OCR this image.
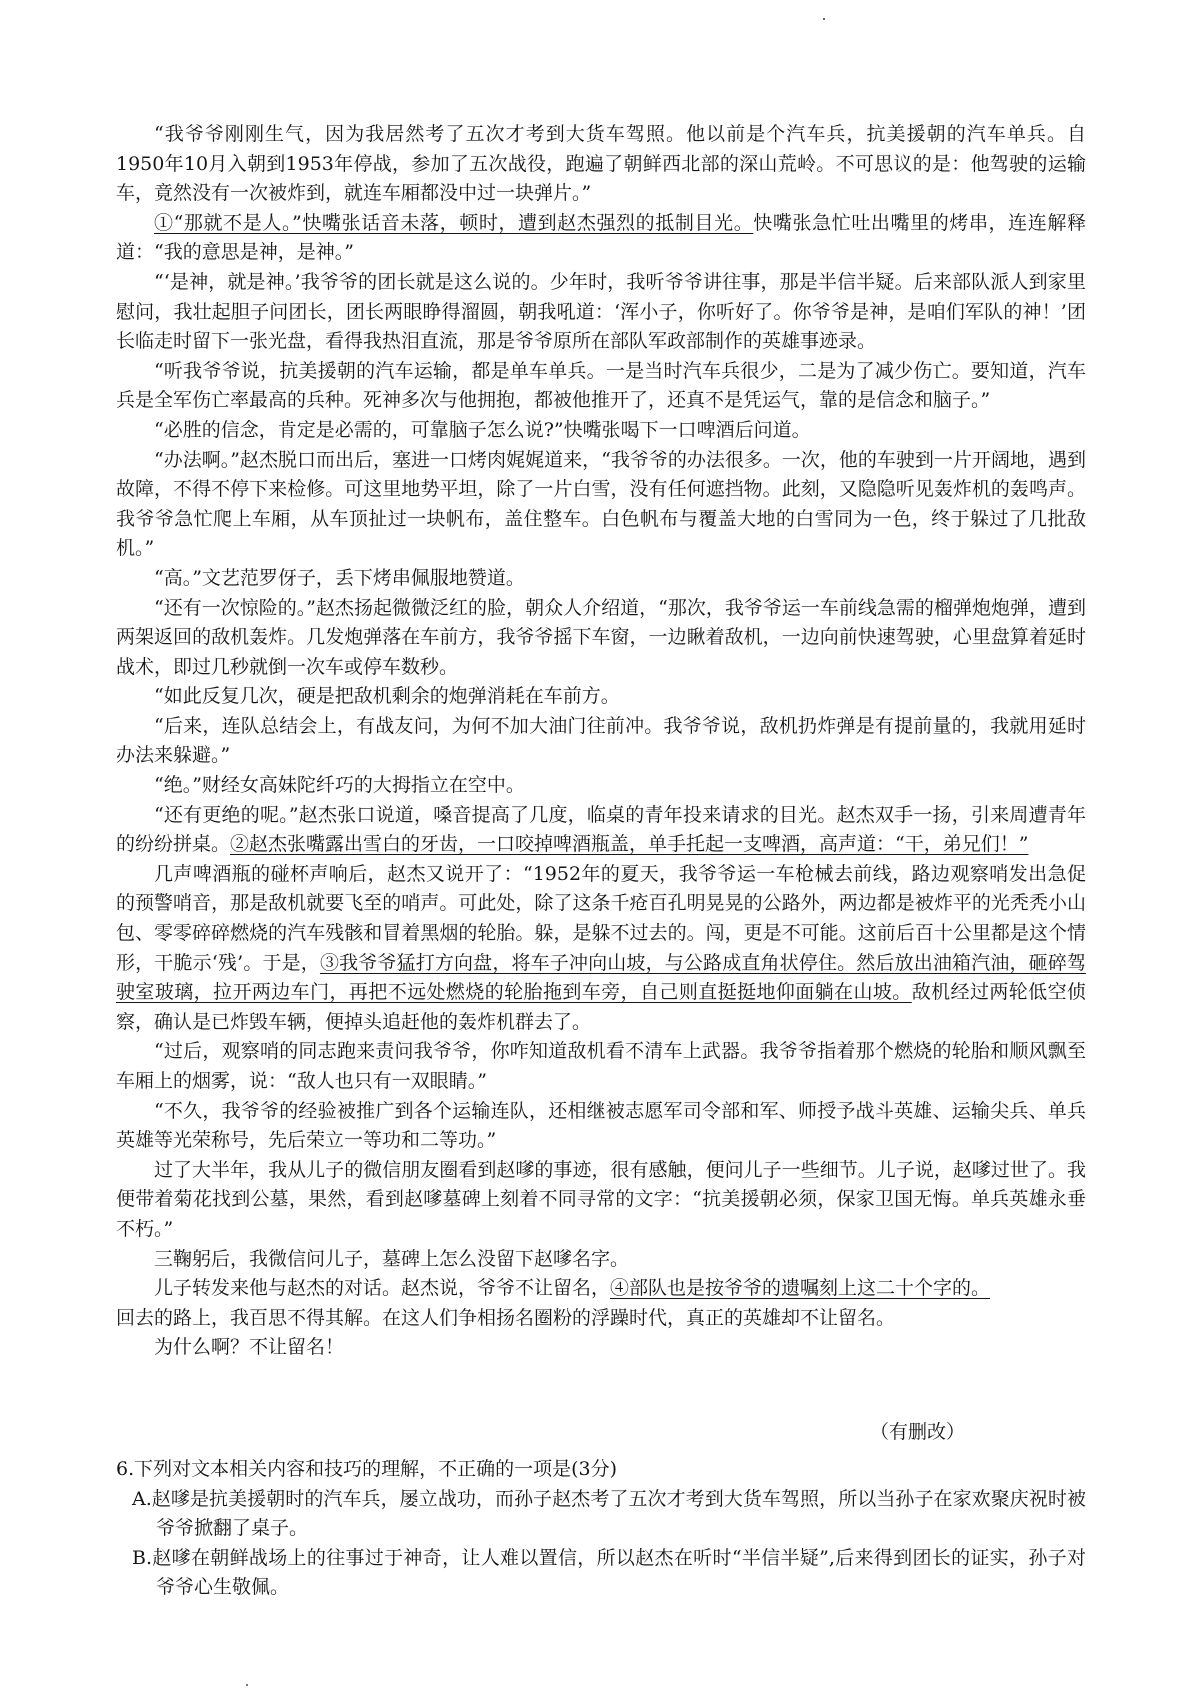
“我爷爷刚刚生气，因为我居然考了五次才考到大货车驾照。他以前是个汽车兵，抗美援朝的汽车单兵。自1950年10月入朝到1953年停战，参加了五次战役，跑遍了朝鲜西北部的深山荒岭。不可思议的是：他驾驶的运输车，竟然没有一次被炸到，就连车厢都没中过一块弹片。”

①“那就不是人。”快嘴张话音未落，顿时，遭到赵杰强烈的抵制目光。快嘴张急忙吐出嘴里的烤串，连连解释道：“我的意思是神，是神。”

“‘是神，就是神。’我爷爷的团长就是这么说的。少年时，我听爷爷讲往事，那是半信半疑。后来部队派人到家里慰问，我壮起胆子问团长，团长两眼睁得溜圆，朝我吼道：‘浑小子，你听好了。你爷爷是神，是咱们军队的神！’团长临走时留下一张光盘，看得我热泪直流，那是爷爷原所在部队军政部制作的英雄事迹录。

“听我爷爷说，抗美援朝的汽车运输，都是单车单兵。一是当时汽车兵很少，二是为了减少伤亡。要知道，汽车兵是全军伤亡率最高的兵种。死神多次与他拥抱，都被他推开了，还真不是凭运气，靠的是信念和脑子。”

“必胜的信念，肯定是必需的，可靠脑子怎么说?”快嘴张喝下一口啤酒后问道。

“办法啊。”赵杰脱口而出后，塞进一口烤肉娓娓道来，“我爷爷的办法很多。一次，他的车驶到一片开阔地，遇到故障，不得不停下来检修。可这里地势平坦，除了一片白雪，没有任何遮挡物。此刻，又隐隐听见轰炸机的轰鸣声。我爷爷急忙爬上车厢，从车顶扯过一块帆布，盖住整车。白色帆布与覆盖大地的白雪同为一色，终于躲过了几批敌机。”

“高。”文艺范罗伢子，丢下烤串佩服地赞道。

“还有一次惊险的。”赵杰扬起微微泛红的脸，朝众人介绍道，“那次，我爷爷运一车前线急需的榴弹炮炮弹，遭到两架返回的敌机轰炸。几发炮弹落在车前方，我爷爷摇下车窗，一边瞅着敌机，一边向前快速驾驶，心里盘算着延时战术，即过几秒就倒一次车或停车数秒。

“如此反复几次，硬是把敌机剩余的炮弹消耗在车前方。

“后来，连队总结会上，有战友问，为何不加大油门往前冲。我爷爷说，敌机扔炸弹是有提前量的，我就用延时办法来躲避。”

“绝。”财经女高妹陀纤巧的大拇指立在空中。

“还有更绝的呢。”赵杰张口说道，嗓音提高了几度，临桌的青年投来请求的目光。赵杰双手一扬，引来周遭青年的纷纷拼桌。②赵杰张嘴露出雪白的牙齿，一口咬掉啤酒瓶盖，单手托起一支啤酒，高声道：“干，弟兄们！”

几声啤酒瓶的碰杯声响后，赵杰又说开了：“1952年的夏天，我爷爷运一车枪械去前线，路边观察哨发出急促的预警哨音，那是敌机就要飞至的哨声。可此处，除了这条千疮百孔明晃晃的公路外，两边都是被炸平的光秃秃小山包、零零碎碎燃烧的汽车残骸和冒着黑烟的轮胎。躲，是躲不过去的。闯，更是不可能。这前后百十公里都是这个情形，干脆示‘残’。于是，③我爷爷猛打方向盘，将车子冲向山坡，与公路成直角状停住。然后放出油箱汽油，砸碎驾驶室玻璃，拉开两边车门，再把不远处燃烧的轮胎拖到车旁，自己则直挺挺地仰面躺在山坡。敌机经过两轮低空侦察，确认是已炸毁车辆，便掉头追赶他的轰炸机群去了。

“过后，观察哨的同志跑来责问我爷爷，你咋知道敌机看不清车上武器。我爷爷指着那个燃烧的轮胎和顺风飘至车厢上的烟雾，说：“敌人也只有一双眼睛。”

“不久，我爷爷的经验被推广到各个运输连队，还相继被志愿军司令部和军、师授予战斗英雄、运输尖兵、单兵英雄等光荣称号，先后荣立一等功和二等功。”

过了大半年，我从儿子的微信朋友圈看到赵嗲的事迹，很有感触，便问儿子一些细节。儿子说，赵嗲过世了。我便带着菊花找到公墓，果然，看到赵嗲墓碑上刻着不同寻常的文字：“抗美援朝必须，保家卫国无悔。单兵英雄永垂不朽。”

三鞠躬后，我微信问儿子，墓碑上怎么没留下赵嗲名字。

儿子转发来他与赵杰的对话。赵杰说，爷爷不让留名，④部队也是按爷爷的遗嘱刻上这二十个字的。

回去的路上，我百思不得其解。在这人们争相扬名圈粉的浮躁时代，真正的英雄却不让留名。

为什么啊？不让留名！

（有删改）

6.下列对文本相关内容和技巧的理解，不正确的一项是(3分)

A.赵嗲是抗美援朝时的汽车兵，屡立战功，而孙子赵杰考了五次才考到大货车驾照，所以当孙子在家欢聚庆祝时被爷爷掀翻了桌子。

B.赵嗲在朝鲜战场上的往事过于神奇，让人难以置信，所以赵杰在听时“半信半疑”,后来得到团长的证实，孙子对爷爷心生敬佩。
